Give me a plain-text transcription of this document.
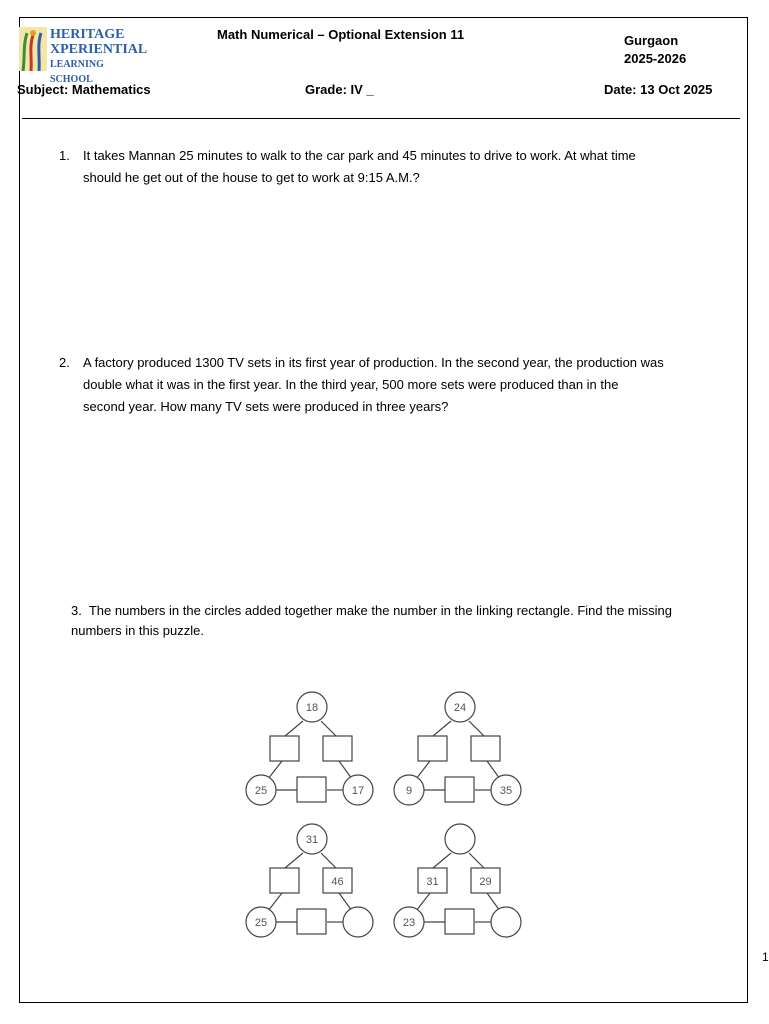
HERITAGE
XPERIENTIAL
LEARNING SCHOOL
Math Numerical – Optional Extension 11	Gurgaon
2025-2026
Subject: Mathematics	Grade: IV _	Date: 13 Oct 2025
1. It takes Mannan 25 minutes to walk to the car park and 45 minutes to drive to work. At what time
should he get out of the house to get to work at 9:15 A.M.?
2. A factory produced 1300 TV sets in its first year of production. In the second year, the production was
double what it was in the first year. In the third year, 500 more sets were produced than in the
second year. How many TV sets were produced in three years?
3. The numbers in the circles added together make the number in the linking rectangle. Find the missing
numbers in this puzzle.
18
25	17
24
9	35
31
25
46
23
31	29
1
